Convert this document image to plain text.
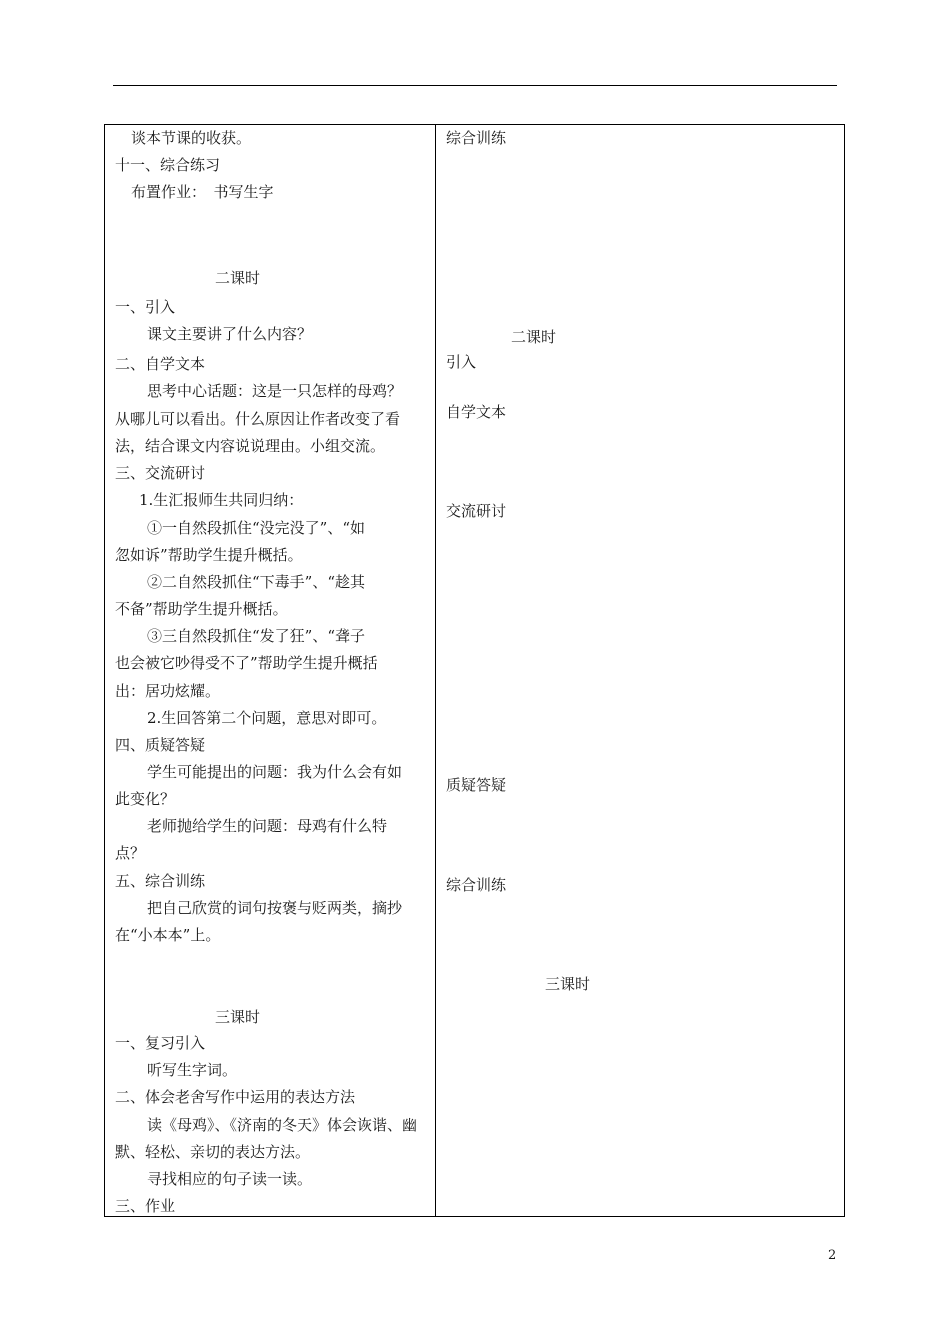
谈本节课的收获。
十一、综合练习
布置作业：　书写生字
二课时
一、引入
课文主要讲了什么内容？
二、自学文本
思考中心话题：这是一只怎样的母鸡？
从哪儿可以看出。什么原因让作者改变了看
法，结合课文内容说说理由。小组交流。
三、交流研讨
1.生汇报师生共同归纳：
①一自然段抓住“没完没了”、“如
忽如诉”帮助学生提升概括。
②二自然段抓住“下毒手”、“趁其
不备”帮助学生提升概括。
③三自然段抓住“发了狂”、“聋子
也会被它吵得受不了”帮助学生提升概括
出：居功炫耀。
2.生回答第二个问题，意思对即可。
四、质疑答疑
学生可能提出的问题：我为什么会有如
此变化？
老师抛给学生的问题：母鸡有什么特
点？
五、综合训练
把自己欣赏的词句按褒与贬两类，摘抄
在“小本本”上。
三课时
一、复习引入
听写生字词。
二、体会老舍写作中运用的表达方法
读《母鸡》、《济南的冬天》体会诙谐、幽
默、轻松、亲切的表达方法。
寻找相应的句子读一读。
三、作业
综合训练
二课时
引入
自学文本
交流研讨
质疑答疑
综合训练
三课时
2
